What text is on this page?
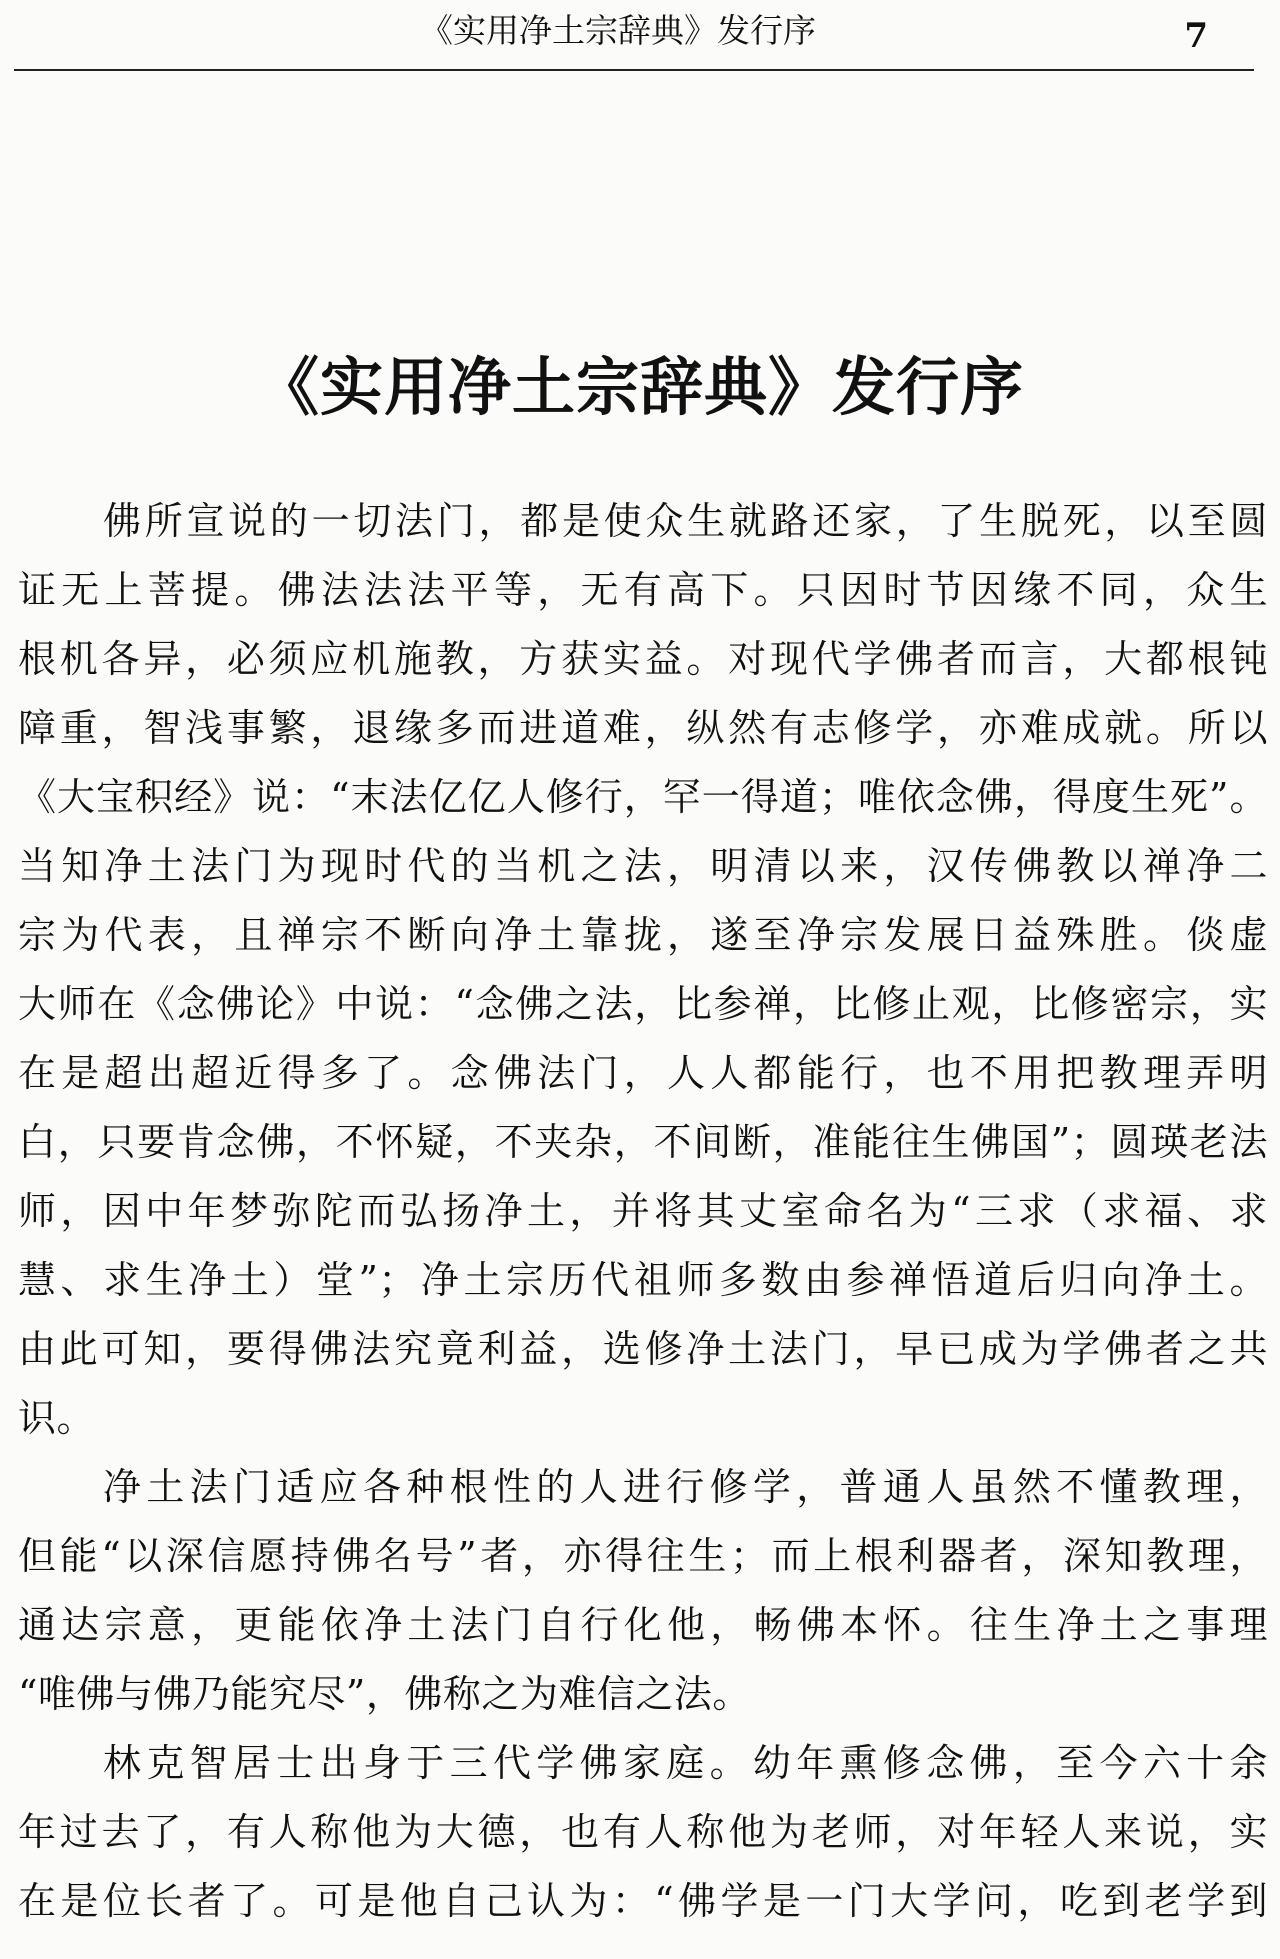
《实用净土宗辞典》发行序	7
《实用净土宗辞典》发行序
佛所宣说的一切法门，都是使众生就路还家，了生脱死，以至圆
证无上菩提。佛法法法平等，无有高下。只因时节因缘不同，众生
根机各异，必须应机施教，方获实益。对现代学佛者而言，大都根钝
障重，智浅事繁，退缘多而进道难，纵然有志修学，亦难成就。所以
《大宝积经》说：“末法亿亿人修行，罕一得道；唯依念佛，得度生死”。
当知净土法门为现时代的当机之法，明清以来，汉传佛教以禅净二
宗为代表，且禅宗不断向净土靠拢，遂至净宗发展日益殊胜。倓虚
大师在《念佛论》中说：“念佛之法，比参禅，比修止观，比修密宗，实
在是超出超近得多了。念佛法门，人人都能行，也不用把教理弄明
白，只要肯念佛，不怀疑，不夹杂，不间断，准能往生佛国”；圆瑛老法
师，因中年梦弥陀而弘扬净土，并将其丈室命名为“三求（求福、求
慧、求生净土）堂”；净土宗历代祖师多数由参禅悟道后归向净土。
由此可知，要得佛法究竟利益，选修净土法门，早已成为学佛者之共
识。
净土法门适应各种根性的人进行修学，普通人虽然不懂教理，
但能“以深信愿持佛名号”者，亦得往生；而上根利器者，深知教理，
通达宗意，更能依净土法门自行化他，畅佛本怀。往生净土之事理
“唯佛与佛乃能究尽”，佛称之为难信之法。
林克智居士出身于三代学佛家庭。幼年熏修念佛，至今六十余
年过去了，有人称他为大德，也有人称他为老师，对年轻人来说，实
在是位长者了。可是他自己认为：“佛学是一门大学问，吃到老学到
